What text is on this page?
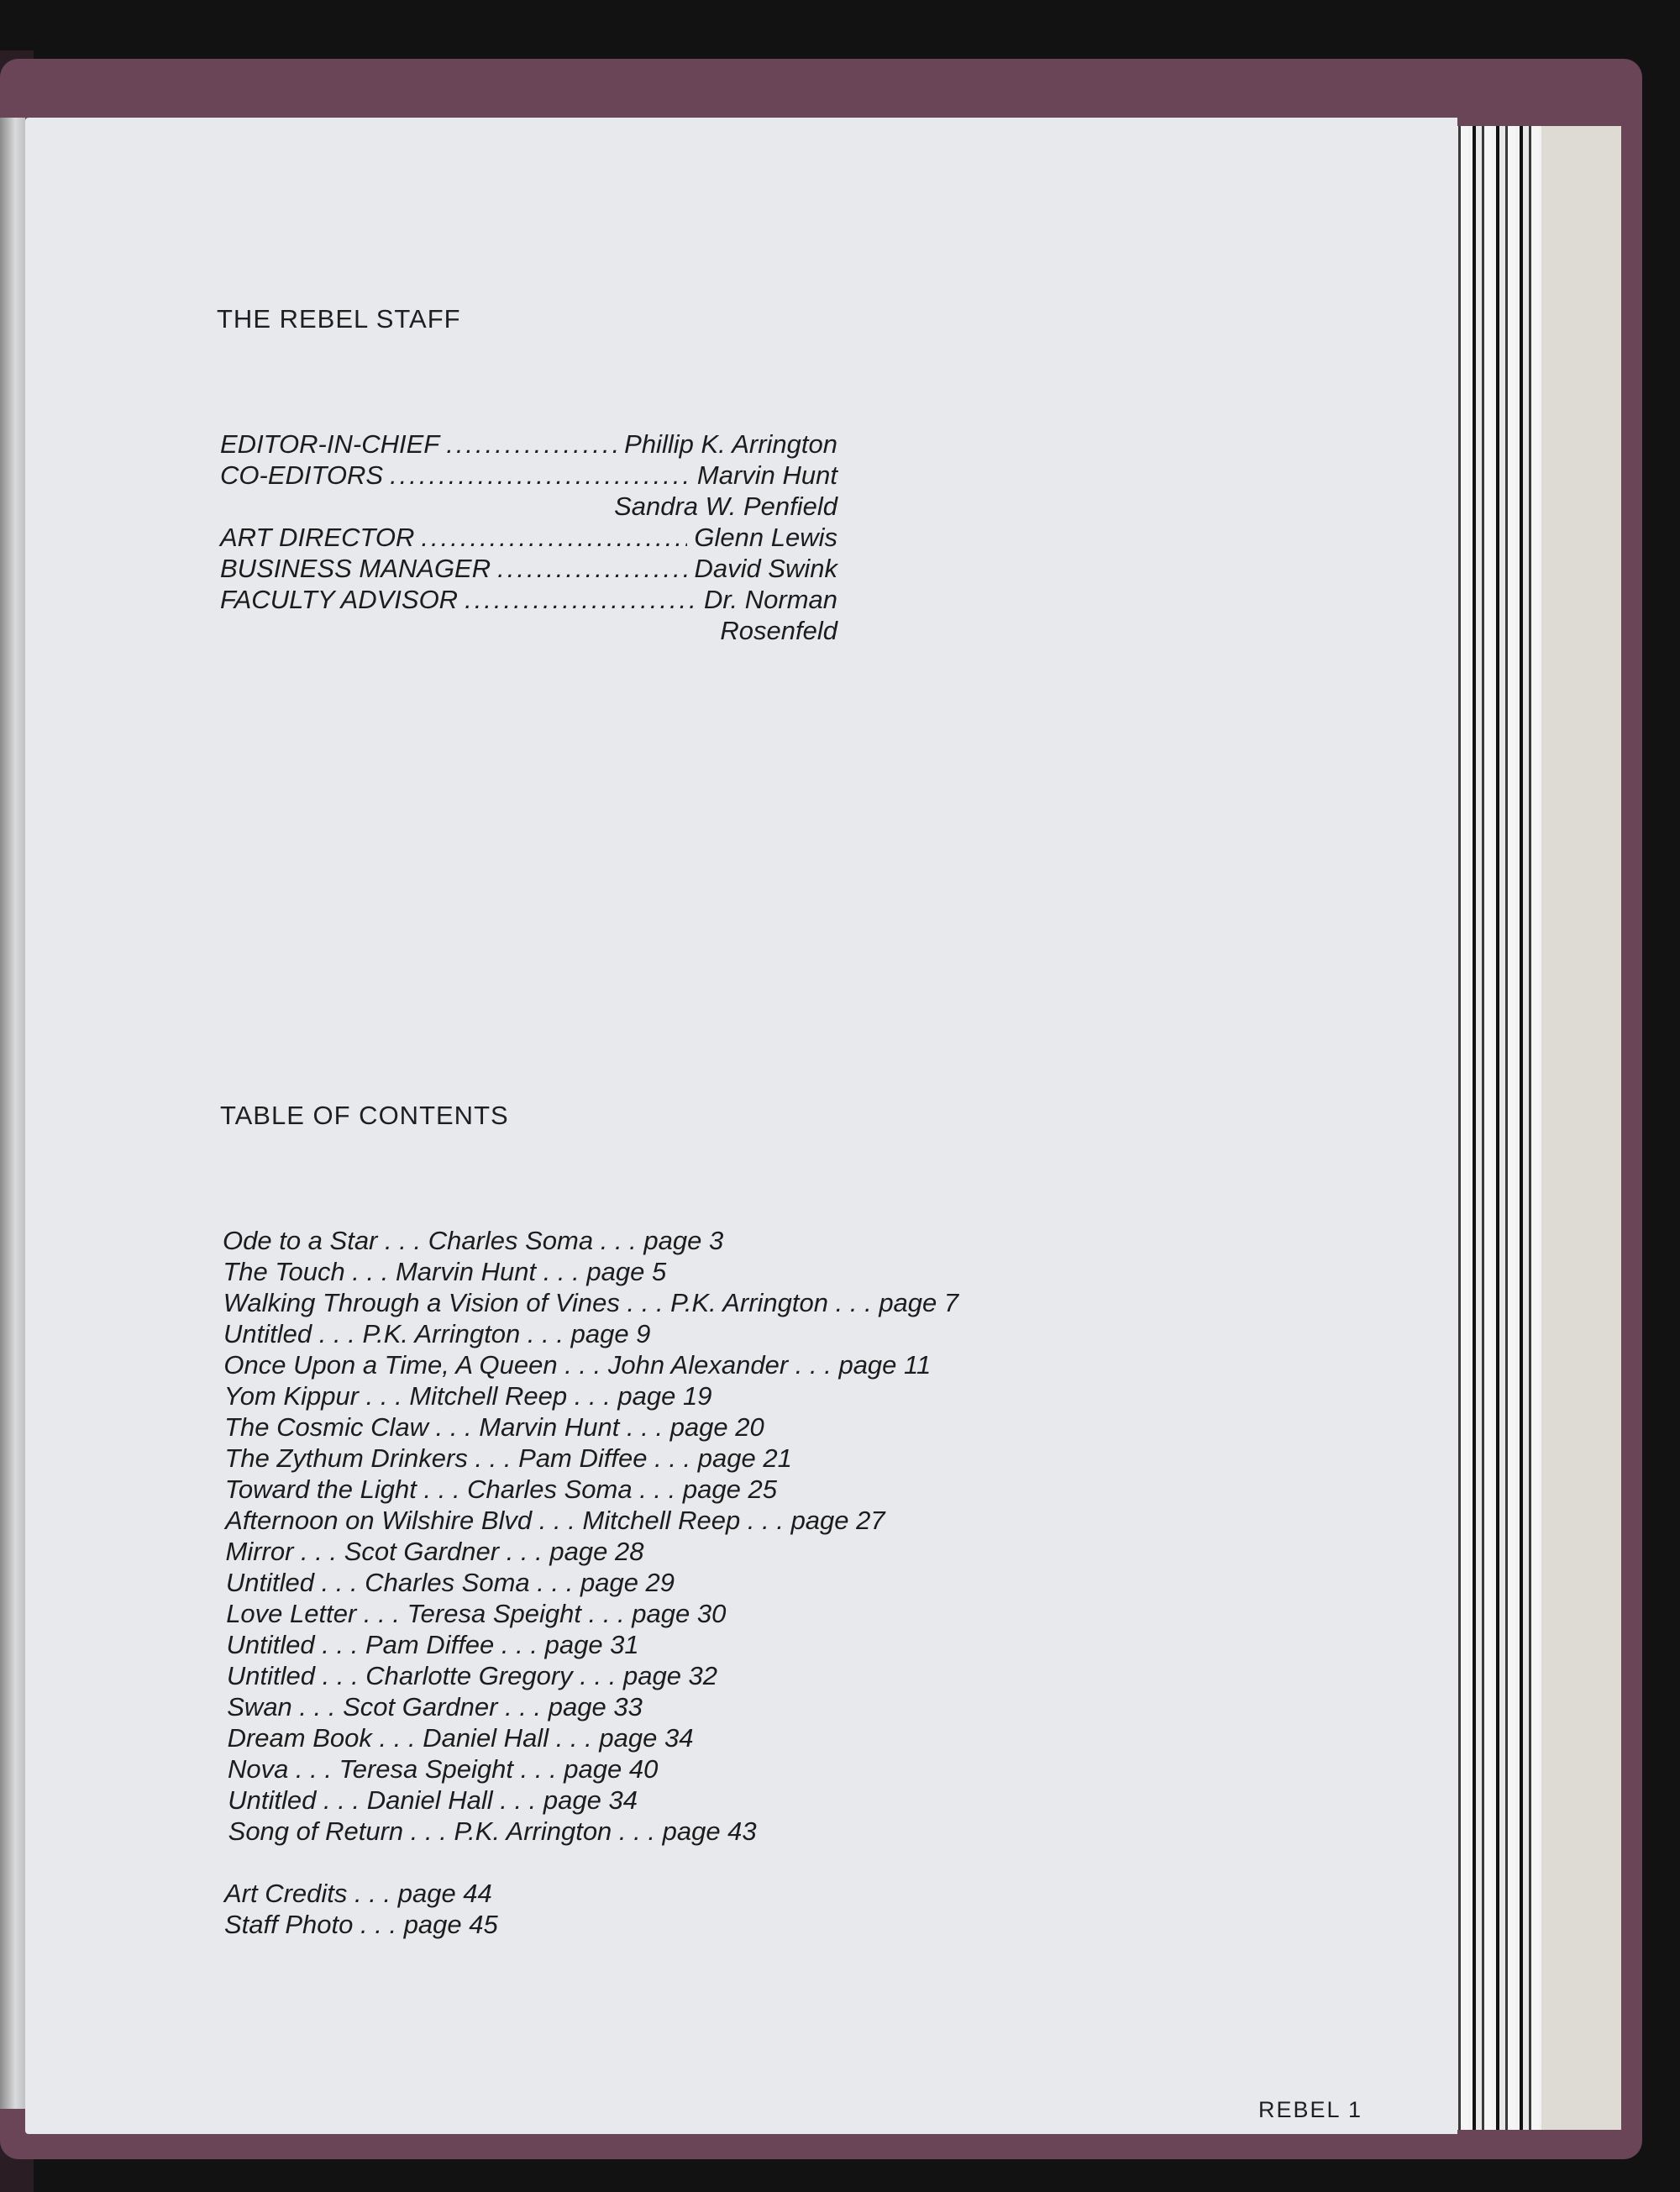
THE REBEL STAFF
EDITOR-IN-CHIEF .....	Phillip K. Arrington
CO-EDITORS .....	Marvin Hunt
Sandra W. Penfield
ART DIRECTOR .....	Glenn Lewis
BUSINESS MANAGER .....	David Swink
FACULTY ADVISOR .....	Dr. Norman
Rosenfeld
TABLE OF CONTENTS
Ode to a Star . . . Charles Soma . . . page 3
The Touch . . . Marvin Hunt . . . page 5
Walking Through a Vision of Vines . . . P.K. Arrington . . . page 7
Untitled . . . P.K. Arrington . . . page 9
Once Upon a Time, A Queen . . . John Alexander . . . page 11
Yom Kippur . . . Mitchell Reep . . . page 19
The Cosmic Claw . . . Marvin Hunt . . . page 20
The Zythum Drinkers . . . Pam Diffee . . . page 21
Toward the Light . . . Charles Soma . . . page 25
Afternoon on Wilshire Blvd . . . Mitchell Reep . . . page 27
Mirror . . . Scot Gardner . . . page 28
Untitled . . . Charles Soma . . . page 29
Love Letter . . . Teresa Speight . . . page 30
Untitled . . . Pam Diffee . . . page 31
Untitled . . . Charlotte Gregory . . . page 32
Swan . . . Scot Gardner . . . page 33
Dream Book . . . Daniel Hall . . . page 34
Nova . . . Teresa Speight . . . page 40
Untitled . . . Daniel Hall . . . page 34
Song of Return . . . P.K. Arrington . . . page 43
Art Credits . . . page 44
Staff Photo . . . page 45
REBEL 1
